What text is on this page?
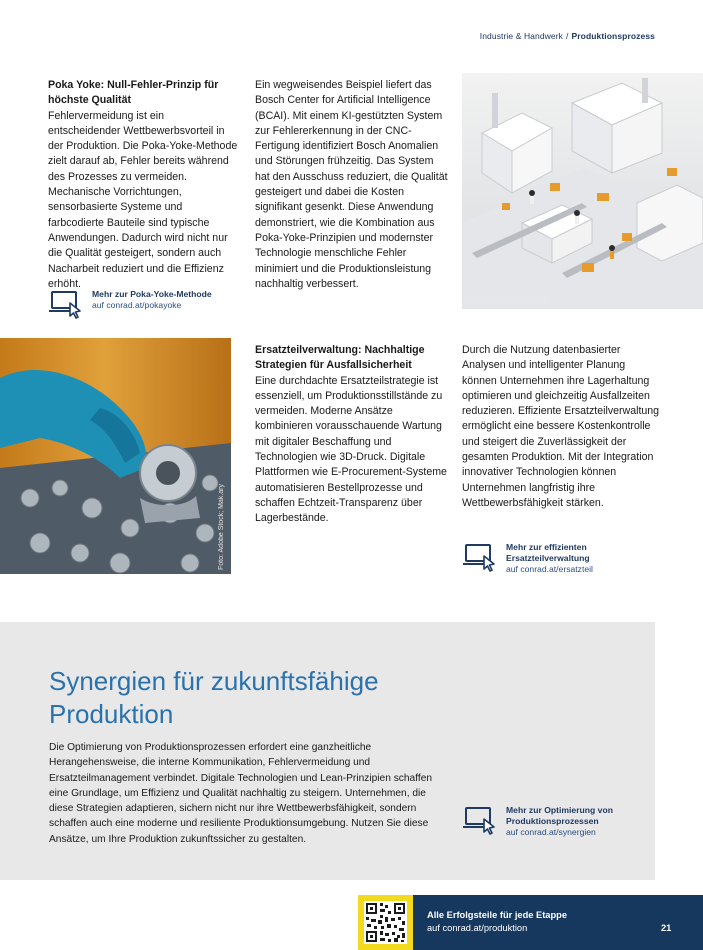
Industrie & Handwerk / Produktionsprozess
Poka Yoke: Null-Fehler-Prinzip für höchste Qualität
Fehlervermeidung ist ein entscheidender Wettbewerbsvorteil in der Produktion. Die Poka-Yoke-Methode zielt darauf ab, Fehler bereits während des Prozesses zu vermeiden. Mechanische Vorrichtungen, sensorbasierte Systeme und farbcodierte Bauteile sind typische Anwendungen. Dadurch wird nicht nur die Qualität gesteigert, sondern auch Nacharbeit reduziert und die Effizienz erhöht.
Mehr zur Poka-Yoke-Methode
auf conrad.at/pokayoke
Ein wegweisendes Beispiel liefert das Bosch Center for Artificial Intelligence (BCAI). Mit einem KI-gestützten System zur Fehlererkennung in der CNC-Fertigung identifiziert Bosch Anomalien und Störungen frühzeitig. Das System hat den Ausschuss reduziert, die Qualität gesteigert und dabei die Kosten signifikant gesenkt. Diese Anwendung demonstriert, wie die Kombination aus Poka-Yoke-Prinzipien und modernster Technologie menschliche Fehler minimiert und die Produktionsleistung nachhaltig verbessert.
Foto: Adobe Stock; Sumet
Foto: Adobe Stock; Mak.ary
Ersatzteilverwaltung: Nachhaltige Strategien für Ausfallsicherheit
Eine durchdachte Ersatzteilstrategie ist essenziell, um Produktionsstillstände zu vermeiden. Moderne Ansätze kombinieren vorausschauende Wartung mit digitaler Beschaffung und Technologien wie 3D-Druck. Digitale Plattformen wie E-Procurement-Systeme automatisieren Bestellprozesse und schaffen Echtzeit-Transparenz über Lagerbestände.
Durch die Nutzung datenbasierter Analysen und intelligenter Planung können Unternehmen ihre Lagerhaltung optimieren und gleichzeitig Ausfallzeiten reduzieren. Effiziente Ersatzteilverwaltung ermöglicht eine bessere Kostenkontrolle und steigert die Zuverlässigkeit der gesamten Produktion. Mit der Integration innovativer Technologien können Unternehmen langfristig ihre Wettbewerbsfähigkeit stärken.
Mehr zur effizienten Ersatzteilverwaltung
auf conrad.at/ersatzteil
Synergien für zukunftsfähige Produktion
Die Optimierung von Produktionsprozessen erfordert eine ganzheitliche Herangehensweise, die interne Kommunikation, Fehlervermeidung und Ersatzteilmanagement verbindet. Digitale Technologien und Lean-Prinzipien schaffen eine Grundlage, um Effizienz und Qualität nachhaltig zu steigern. Unternehmen, die diese Strategien adaptieren, sichern nicht nur ihre Wettbewerbsfähigkeit, sondern schaffen auch eine moderne und resiliente Produktionsumgebung. Nutzen Sie diese Ansätze, um Ihre Produktion zukunftssicher zu gestalten.
Mehr zur Optimierung von Produktionsprozessen
auf conrad.at/synergien
Alle Erfolgsteile für jede Etappe
auf conrad.at/produktion	21
